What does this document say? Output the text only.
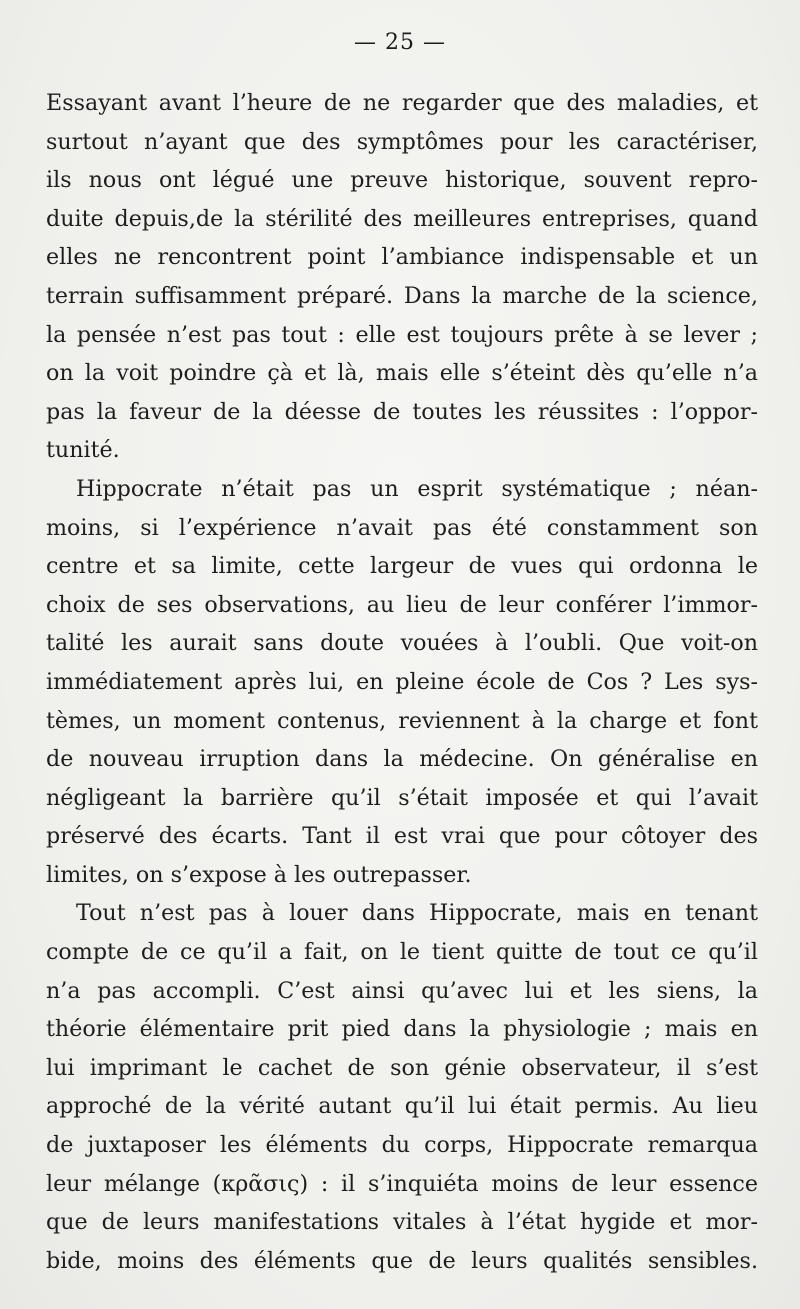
— 25 —
Essayant avant l’heure de ne regarder que des maladies, et
surtout n’ayant que des symptômes pour les caractériser,
ils nous ont légué une preuve historique, souvent repro-
duite depuis,de la stérilité des meilleures entreprises, quand
elles ne rencontrent point l’ambiance indispensable et un
terrain suffisamment préparé. Dans la marche de la science,
la pensée n’est pas tout : elle est toujours prête à se lever ;
on la voit poindre çà et là, mais elle s’éteint dès qu’elle n’a
pas la faveur de la déesse de toutes les réussites : l’oppor-
tunité.
Hippocrate n’était pas un esprit systématique ; néan-
moins, si l’expérience n’avait pas été constamment son
centre et sa limite, cette largeur de vues qui ordonna le
choix de ses observations, au lieu de leur conférer l’immor-
talité les aurait sans doute vouées à l’oubli. Que voit-on
immédiatement après lui, en pleine école de Cos ? Les sys-
tèmes, un moment contenus, reviennent à la charge et font
de nouveau irruption dans la médecine. On généralise en
négligeant la barrière qu’il s’était imposée et qui l’avait
préservé des écarts. Tant il est vrai que pour côtoyer des
limites, on s’expose à les outrepasser.
Tout n’est pas à louer dans Hippocrate, mais en tenant
compte de ce qu’il a fait, on le tient quitte de tout ce qu’il
n’a pas accompli. C’est ainsi qu’avec lui et les siens, la
théorie élémentaire prit pied dans la physiologie ; mais en
lui imprimant le cachet de son génie observateur, il s’est
approché de la vérité autant qu’il lui était permis. Au lieu
de juxtaposer les éléments du corps, Hippocrate remarqua
leur mélange (κρᾶσις) : il s’inquiéta moins de leur essence
que de leurs manifestations vitales à l’état hygide et mor-
bide, moins des éléments que de leurs qualités sensibles.
